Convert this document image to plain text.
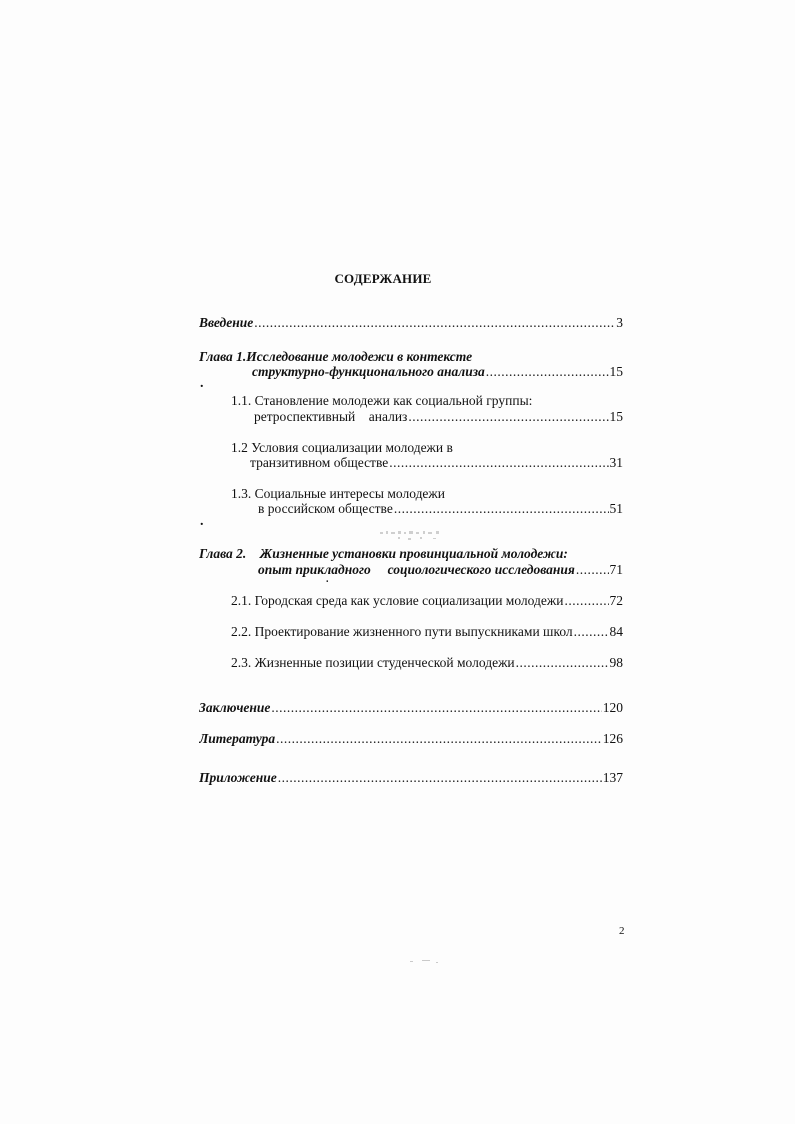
СОДЕРЖАНИЕ
Введение .....	3
Глава 1.Исследование молодежи в контексте
структурно-функционального анализа .....	15
.
1.1. Становление молодежи как социальной группы:
ретроспективный    анализ .....	15
1.2 Условия социализации молодежи в
транзитивном обществе .....	31
1.3. Социальные интересы молодежи
в российском обществе .....	51
.
Глава 2.    Жизненные установки провинциальной молодежи:
опыт прикладного     социологического исследования .....	71
.
2.1. Городская среда как условие социализации молодежи .....	72
2.2. Проектирование жизненного пути выпускниками школ .....	84
2.3. Жизненные позиции студенческой молодежи .....	98
Заключение .....	120
Литература .....	126
Приложение .....	137
2
